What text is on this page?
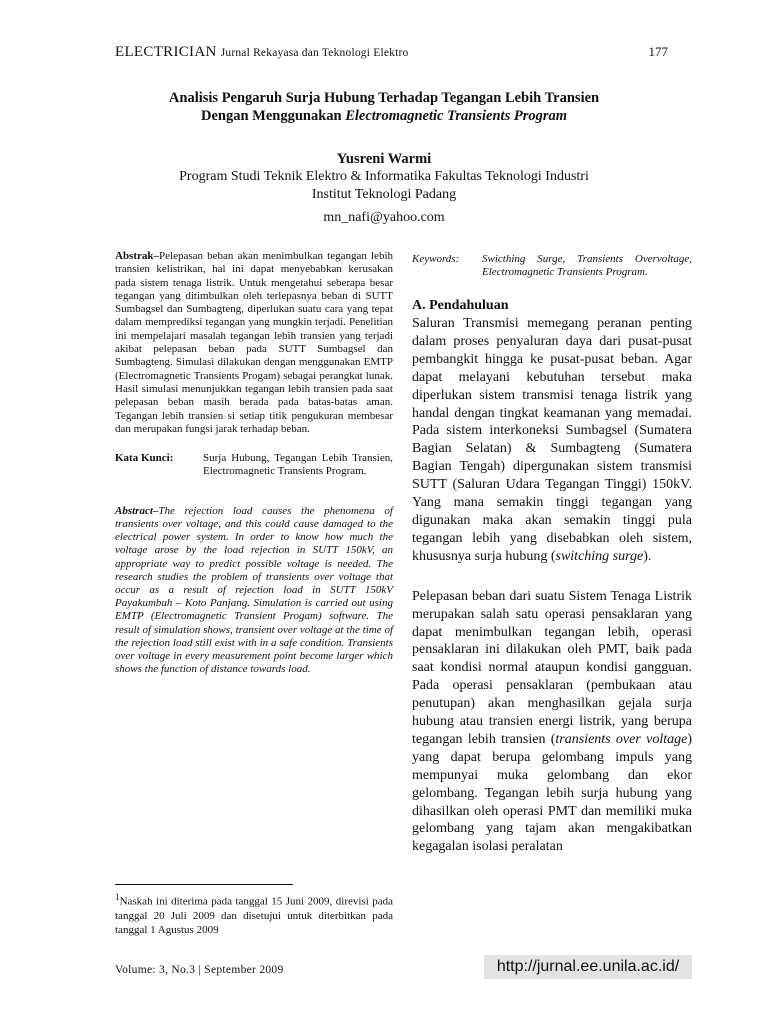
ELECTRICIAN Jurnal Rekayasa dan Teknologi Elektro	177
Analisis Pengaruh Surja Hubung Terhadap Tegangan Lebih Transien
Dengan Menggunakan Electromagnetic Transients Program
Yusreni Warmi
Program Studi Teknik Elektro & Informatika Fakultas Teknologi Industri
Institut Teknologi Padang
mn_nafi@yahoo.com
Abstrak–Pelepasan beban akan menimbulkan tegangan lebih transien kelistrikan, hal ini dapat menyebabkan kerusakan pada sistem tenaga listrik. Untuk mengetahui seberapa besar tegangan yang ditimbulkan oleh terlepasnya beban di SUTT Sumbagsel dan Sumbagteng, diperlukan suatu cara yang tepat dalam memprediksi tegangan yang mungkin terjadi. Penelitian ini mempelajari masalah tegangan lebih transien yang terjadi akibat pelepasan beban pada SUTT Sumbagsel dan Sumbagteng. Simulasi dilakukan dengan menggunakan EMTP (Electromagnetic Transients Progam) sebagai perangkat lunak. Hasil simulasi menunjukkan tegangan lebih transien pada saat pelepasan beban masih berada pada batas-batas aman. Tegangan lebih transien si setiap titik pengukuran membesar dan merupakan fungsi jarak terhadap beban.
Kata Kunci:	Surja Hubung, Tegangan Lebih Transien, Electromagnetic Transients Program.
Abstract–The rejection load causes the phenomena of transients over voltage, and this could cause damaged to the electrical power system. In order to know how much the voltage arose by the load rejection in SUTT 150kV, an appropriate way to predict possible voltage is needed. The research studies the problem of transients over voltage that occur as a result of rejection load in SUTT 150kV Payakumbuh – Koto Panjang. Simulation is carried out using EMTP (Electromagnetic Transient Progam) software. The result of simulation shows, transient over voltage at the time of the rejection load still exist with in a safe condition. Transients over voltage in every measurement point become larger which shows the function of distance towards load.
$^1$Naskah ini diterima pada tanggal 15 Juni 2009, direvisi pada tanggal 20 Juli 2009 dan disetujui untuk diterbitkan pada tanggal 1 Agustus 2009
Keywords:	Swicthing Surge, Transients Overvoltage, Electromagnetic Transients Program.
A. Pendahuluan

Saluran Transmisi memegang peranan penting dalam proses penyaluran daya dari pusat-pusat pembangkit hingga ke pusat-pusat beban. Agar dapat melayani kebutuhan tersebut maka diperlukan sistem transmisi tenaga listrik yang handal dengan tingkat keamanan yang memadai. Pada sistem interkoneksi Sumbagsel (Sumatera Bagian Selatan) & Sumbagteng (Sumatera Bagian Tengah) dipergunakan sistem transmisi SUTT (Saluran Udara Tegangan Tinggi) 150kV. Yang mana semakin tinggi tegangan yang digunakan maka akan semakin tinggi pula tegangan lebih yang disebabkan oleh sistem, khususnya surja hubung (switching surge).

Pelepasan beban dari suatu Sistem Tenaga Listrik merupakan salah satu operasi pensaklaran yang dapat menimbulkan tegangan lebih, operasi pensaklaran ini dilakukan oleh PMT, baik pada saat kondisi normal ataupun kondisi gangguan. Pada operasi pensaklaran (pembukaan atau penutupan) akan menghasilkan gejala surja hubung atau transien energi listrik, yang berupa tegangan lebih transien (transients over voltage) yang dapat berupa gelombang impuls yang mempunyai muka gelombang dan ekor gelombang. Tegangan lebih surja hubung yang dihasilkan oleh operasi PMT dan memiliki muka gelombang yang tajam akan mengakibatkan kegagalan isolasi peralatan

Volume: 3, No.3 | September 2009	http://jurnal.ee.unila.ac.id/
